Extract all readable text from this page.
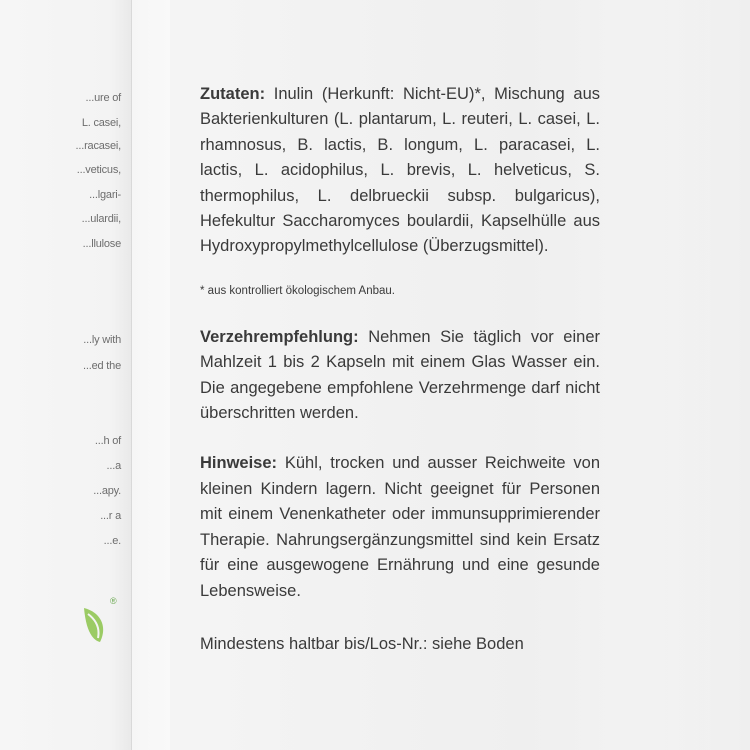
...ure of
L. casei,
...racasei,
...veticus,
...lgari-
...ulardii,
...llulose
...ly with
...ed the
...h of
...a
...apy.
...r a
...e.
®

Zutaten: Inulin (Herkunft: Nicht-EU)*, Mischung aus Bakterienkulturen (L. plantarum, L. reuteri, L. casei, L. rhamnosus, B. lactis, B. longum, L. paracasei, L. lactis, L. acidophilus, L. brevis, L. helveticus, S. thermophilus, L. delbrueckii subsp. bulgaricus), Hefekultur Saccharomyces boulardii, Kapselhülle aus Hydroxypropylmethylcellulose (Überzugsmittel).

* aus kontrolliert ökologischem Anbau.

Verzehrempfehlung: Nehmen Sie täglich vor einer Mahlzeit 1 bis 2 Kapseln mit einem Glas Wasser ein. Die angegebene empfohlene Verzehrmenge darf nicht überschritten werden.

Hinweise: Kühl, trocken und ausser Reichweite von kleinen Kindern lagern. Nicht geeignet für Personen mit einem Venenkatheter oder immunsupprimierender Therapie. Nahrungsergänzungsmittel sind kein Ersatz für eine ausgewogene Ernährung und eine gesunde Lebensweise.

Mindestens haltbar bis/Los-Nr.: siehe Boden
